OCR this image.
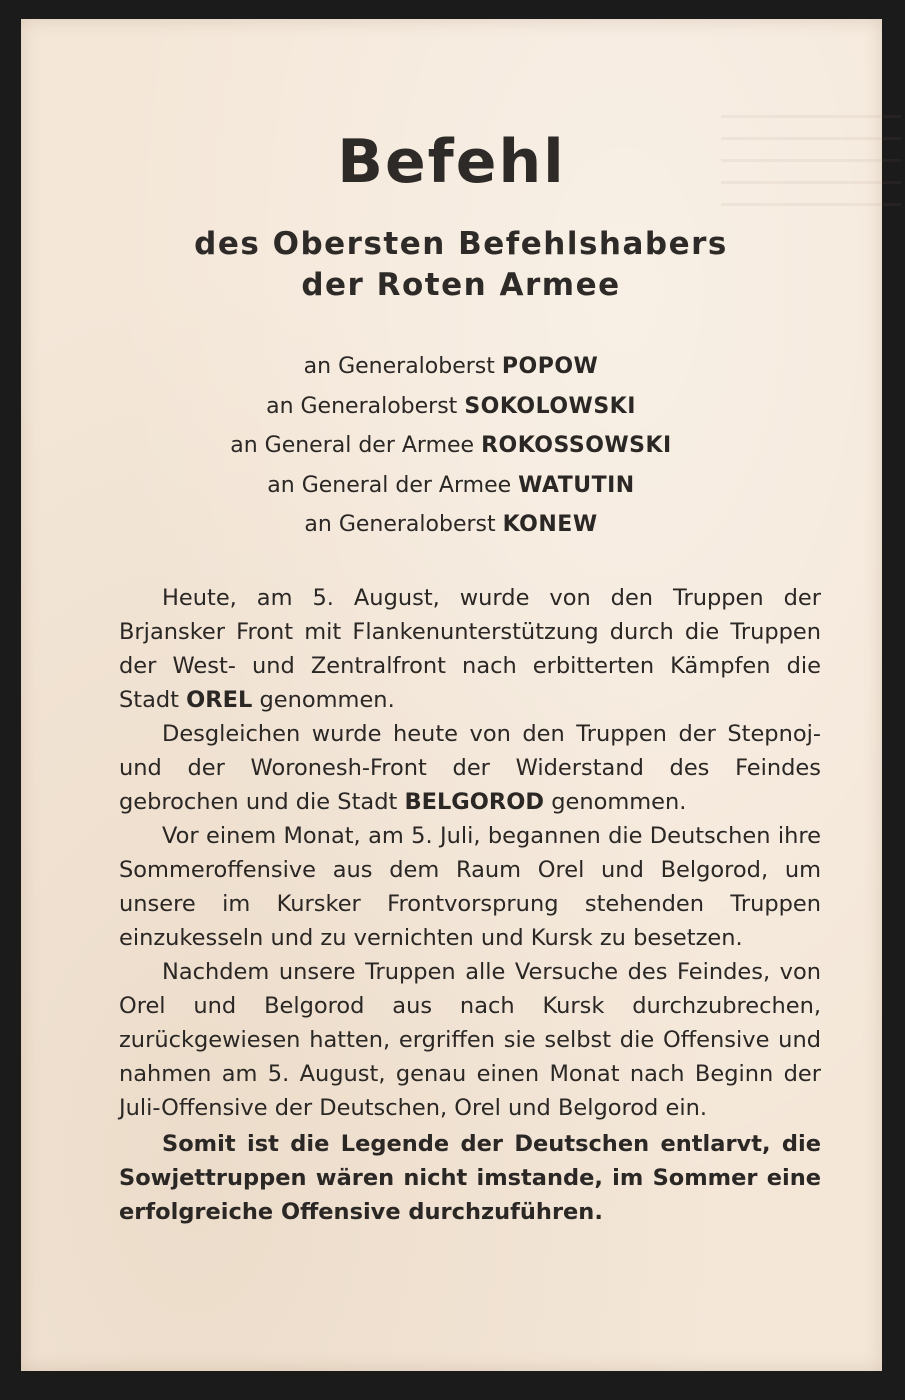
Befehl
des Obersten Befehlshabers
der Roten Armee
an Generaloberst POPOW
an Generaloberst SOKOLOWSKI
an General der Armee ROKOSSOWSKI
an General der Armee WATUTIN
an Generaloberst KONEW

Heute, am 5. August, wurde von den Truppen der Brjansker Front mit Flankenunterstützung durch die Truppen der West- und Zentralfront nach erbitterten Kämpfen die Stadt OREL genommen.

Desgleichen wurde heute von den Truppen der Stepnoj- und der Woronesh-Front der Widerstand des Feindes gebrochen und die Stadt BELGOROD genommen.

Vor einem Monat, am 5. Juli, begannen die Deutschen ihre Sommeroffensive aus dem Raum Orel und Belgorod, um unsere im Kursker Frontvorsprung stehenden Truppen einzukesseln und zu vernichten und Kursk zu besetzen.

Nachdem unsere Truppen alle Versuche des Feindes, von Orel und Belgorod aus nach Kursk durchzubrechen, zurückgewiesen hatten, ergriffen sie selbst die Offensive und nahmen am 5. August, genau einen Monat nach Beginn der Juli-Offensive der Deutschen, Orel und Belgorod ein.

Somit ist die Legende der Deutschen entlarvt, die Sowjettruppen wären nicht imstande, im Sommer eine erfolgreiche Offensive durchzuführen.
